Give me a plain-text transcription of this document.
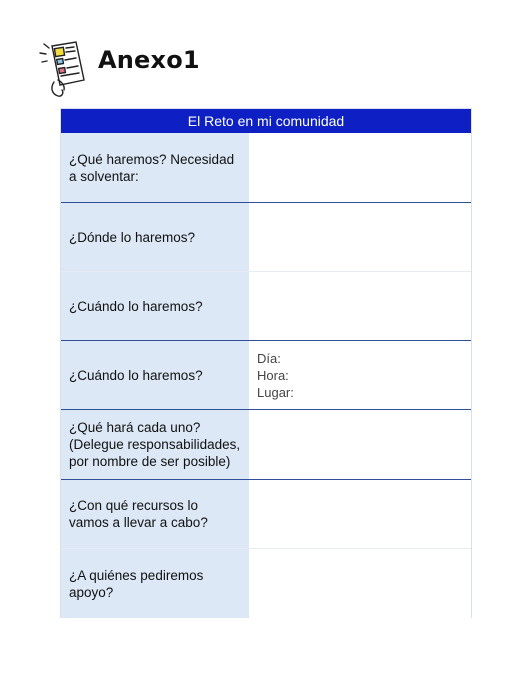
Anexo1
El Reto en mi comunidad
¿Qué haremos? Necesidad a solventar:
¿Dónde lo haremos?
¿Cuándo lo haremos?
¿Cuándo lo haremos?
Día:
Hora:
Lugar:
¿Qué hará cada uno? (Delegue responsabilidades, por nombre de ser posible)
¿Con qué recursos lo vamos a llevar a cabo?
¿A quiénes pediremos apoyo?
